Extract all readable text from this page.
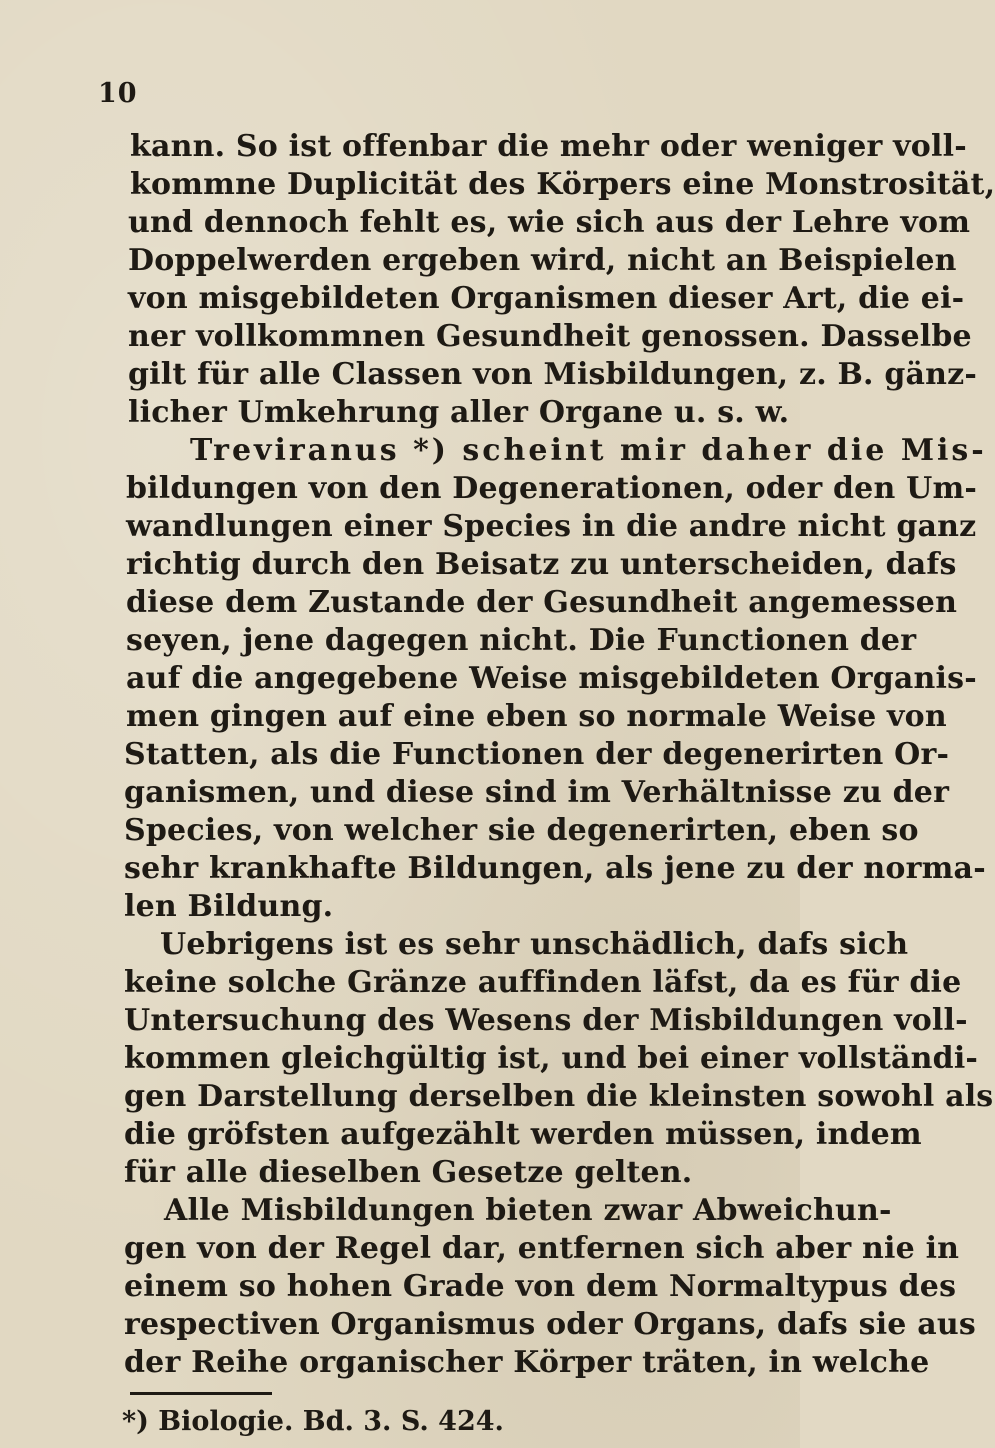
10
kann. So ist offenbar die mehr oder weniger voll-
kommne Duplicität des Körpers eine Monstrosität,
und dennoch fehlt es, wie sich aus der Lehre vom
Doppelwerden ergeben wird, nicht an Beispielen
von misgebildeten Organismen dieser Art, die ei-
ner vollkommnen Gesundheit genossen. Dasselbe
gilt für alle Classen von Misbildungen, z. B. gänz-
licher Umkehrung aller Organe u. s. w.
Treviranus *) scheint mir daher die Mis-
bildungen von den Degenerationen, oder den Um-
wandlungen einer Species in die andre nicht ganz
richtig durch den Beisatz zu unterscheiden, dafs
diese dem Zustande der Gesundheit angemessen
seyen, jene dagegen nicht. Die Functionen der
auf die angegebene Weise misgebildeten Organis-
men gingen auf eine eben so normale Weise von
Statten, als die Functionen der degenerirten Or-
ganismen, und diese sind im Verhältnisse zu der
Species, von welcher sie degenerirten, eben so
sehr krankhafte Bildungen, als jene zu der norma-
len Bildung.
Uebrigens ist es sehr unschädlich, dafs sich
keine solche Gränze auffinden läfst, da es für die
Untersuchung des Wesens der Misbildungen voll-
kommen gleichgültig ist, und bei einer vollständi-
gen Darstellung derselben die kleinsten sowohl als
die gröfsten aufgezählt werden müssen, indem
für alle dieselben Gesetze gelten.
Alle Misbildungen bieten zwar Abweichun-
gen von der Regel dar, entfernen sich aber nie in
einem so hohen Grade von dem Normaltypus des
respectiven Organismus oder Organs, dafs sie aus
der Reihe organischer Körper träten, in welche
*) Biologie. Bd. 3. S. 424.
